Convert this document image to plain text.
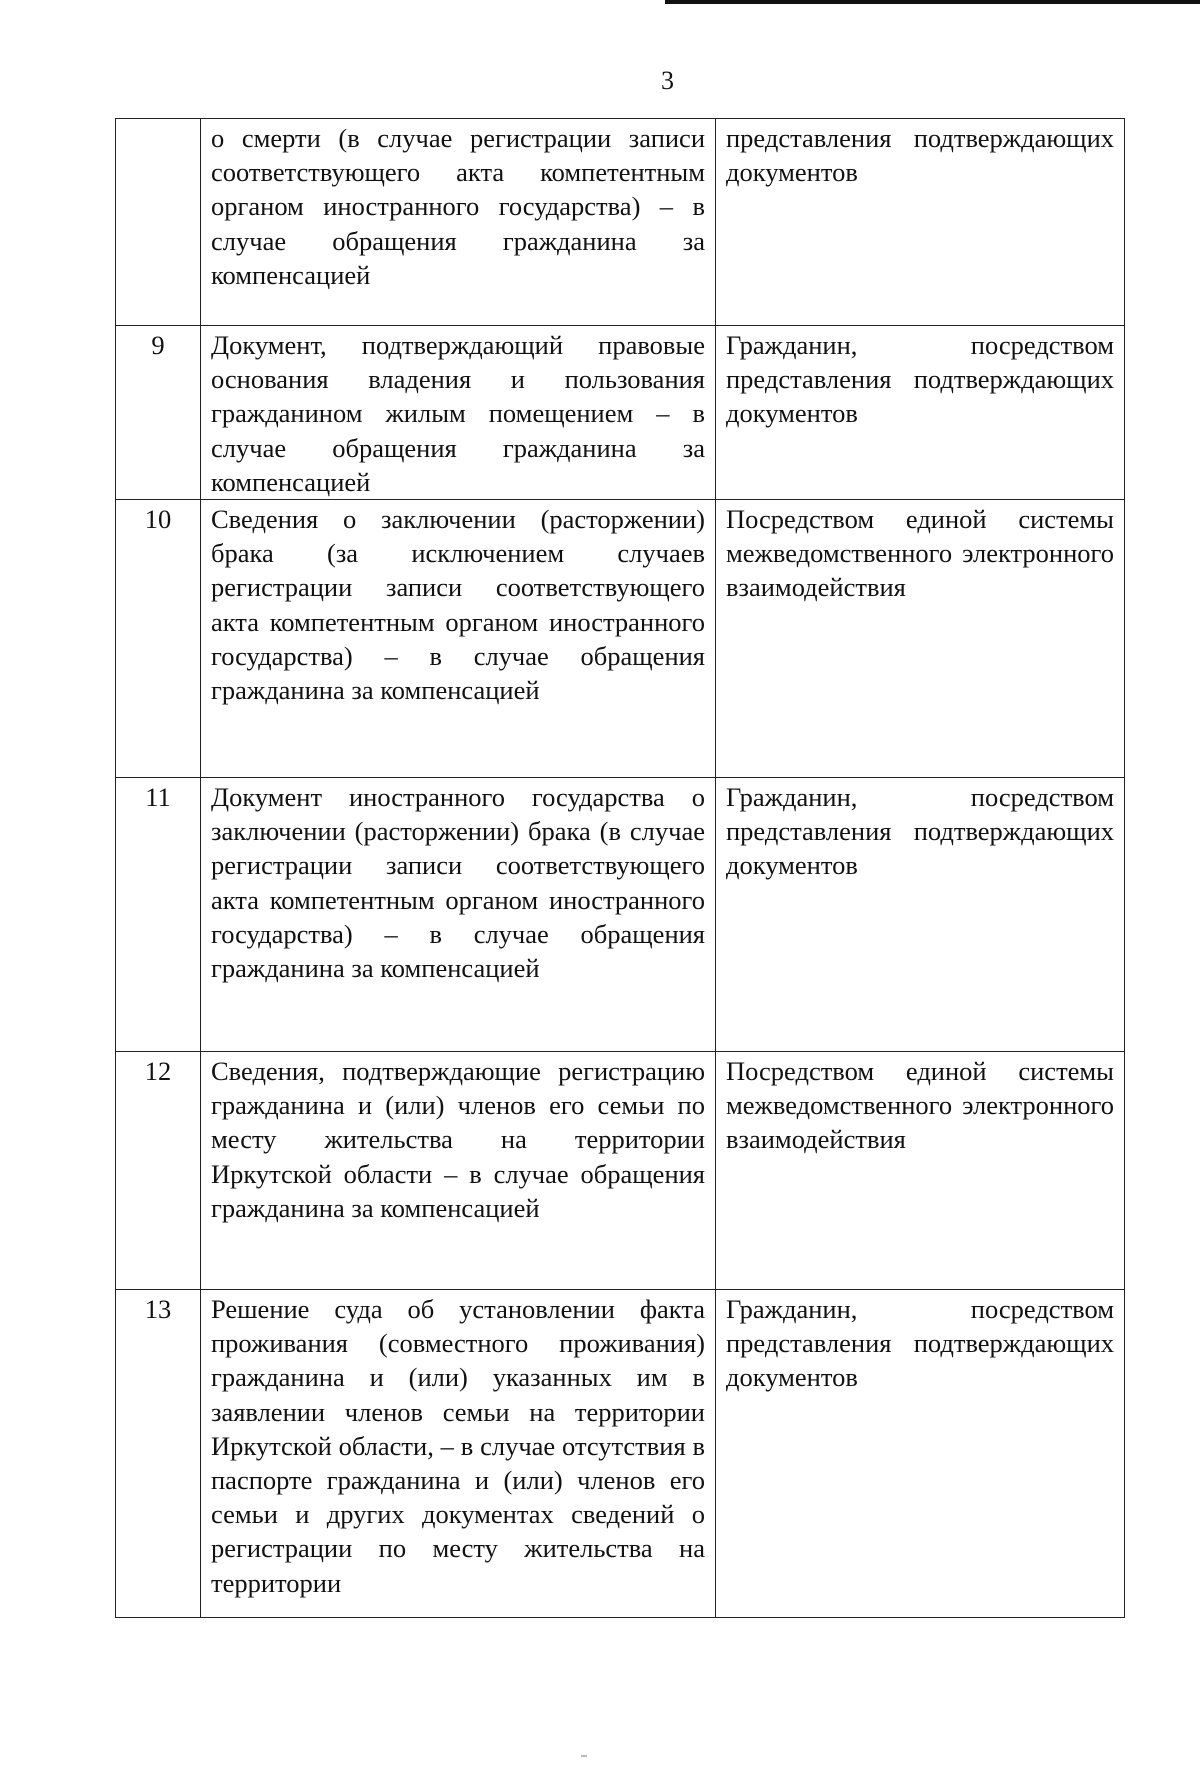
3

	о смерти (в случае регистрации записи соответствующего акта компетентным органом иностранного государства) – в случае обращения гражданина за компенсацией	представления подтверждающих документов

9	Документ, подтверждающий правовые основания владения и пользования гражданином жилым помещением – в случае обращения гражданина за компенсацией	Гражданин, посредством представления подтверждающих документов

10	Сведения о заключении (расторжении) брака (за исключением случаев регистрации записи соответствующего акта компетентным органом иностранного государства) – в случае обращения гражданина за компенсацией	Посредством единой системы межведомственного электронного взаимодействия

11	Документ иностранного государства о заключении (расторжении) брака (в случае регистрации записи соответствующего акта компетентным органом иностранного государства) – в случае обращения гражданина за компенсацией	Гражданин, посредством представления подтверждающих документов

12	Сведения, подтверждающие регистрацию гражданина и (или) членов его семьи по месту жительства на территории Иркутской области – в случае обращения гражданина за компенсацией	Посредством единой системы межведомственного электронного взаимодействия

13	Решение суда об установлении факта проживания (совместного проживания) гражданина и (или) указанных им в заявлении членов семьи на территории Иркутской области, – в случае отсутствия в паспорте гражданина и (или) членов его семьи и других документах сведений о регистрации по месту жительства на территории	Гражданин, посредством представления подтверждающих документов
